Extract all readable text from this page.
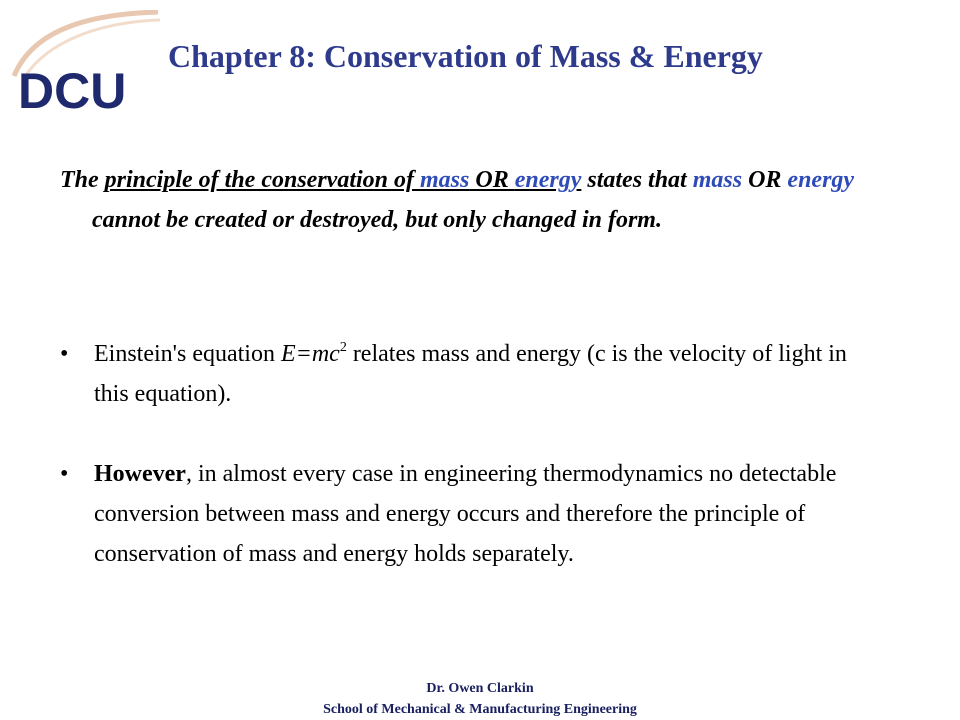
DCU
Chapter 8: Conservation of Mass & Energy

The principle of the conservation of mass OR energy states that mass OR energy cannot be created or destroyed, but only changed in form.

• Einstein's equation $E=mc^2$ relates mass and energy (c is the velocity of light in this equation).
• However, in almost every case in engineering thermodynamics no detectable conversion between mass and energy occurs and therefore the principle of conservation of mass and energy holds separately.
Dr. Owen Clarkin
School of Mechanical & Manufacturing Engineering
